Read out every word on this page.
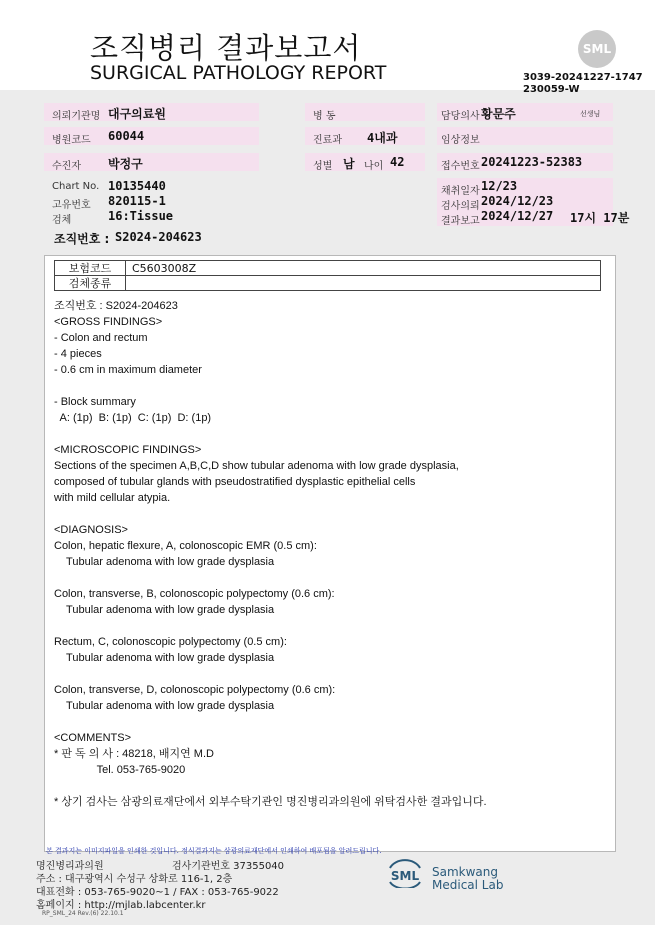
조직병리 결과보고서
SURGICAL PATHOLOGY REPORT
SML
3039-20241227-1747
230059-W
의뢰기관명 대구의료원	병 동	담당의사 황문주	선생님
병원코드 60044	진료과 4내과	임상정보
수진자 박정구	성별 남 나이 42	접수번호 20241223-52383
Chart No. 10135440
고유번호 820115-1
검체	16:Tissue
채취일자 12/23
검사의뢰 2024/12/23
결과보고 2024/12/27 17시 17분
조직번호 : S2024-204623
보험코드	C5603008Z
검체종류	
조직번호 : S2024-204623
<GROSS FINDINGS>
- Colon and rectum
- 4 pieces
- 0.6 cm in maximum diameter
- Block summary
A: (1p)  B: (1p)  C: (1p)  D: (1p)
<MICROSCOPIC FINDINGS>
Sections of the specimen A,B,C,D show tubular adenoma with low grade dysplasia,
composed of tubular glands with pseudostratified dysplastic epithelial cells
with mild cellular atypia.
<DIAGNOSIS>
Colon, hepatic flexure, A, colonoscopic EMR (0.5 cm):
Tubular adenoma with low grade dysplasia
Colon, transverse, B, colonoscopic polypectomy (0.6 cm):
Tubular adenoma with low grade dysplasia
Rectum, C, colonoscopic polypectomy (0.5 cm):
Tubular adenoma with low grade dysplasia
Colon, transverse, D, colonoscopic polypectomy (0.6 cm):
Tubular adenoma with low grade dysplasia
<COMMENTS>
* 판 독 의 사 : 48218, 배지연 M.D
Tel. 053-765-9020
* 상기 검사는 삼광의료재단에서 외부수탁기관인 명진병리과의원에 위탁검사한 결과입니다.
본 결과지는 이미지파일을 인쇄한 것입니다. 정식결과지는 삼광의료재단에서 인쇄하여 배포됨을 알려드립니다.
명진병리과의원	검사기관번호 37355040
주소 : 대구광역시 수성구 상화로 116-1, 2층
대표전화 : 053-765-9020~1 / FAX : 053-765-9022
홈페이지 : http://mjlab.labcenter.kr
RP_SML_24 Rev.(6) 22.10.1
SML Samkwang
Medical Lab
